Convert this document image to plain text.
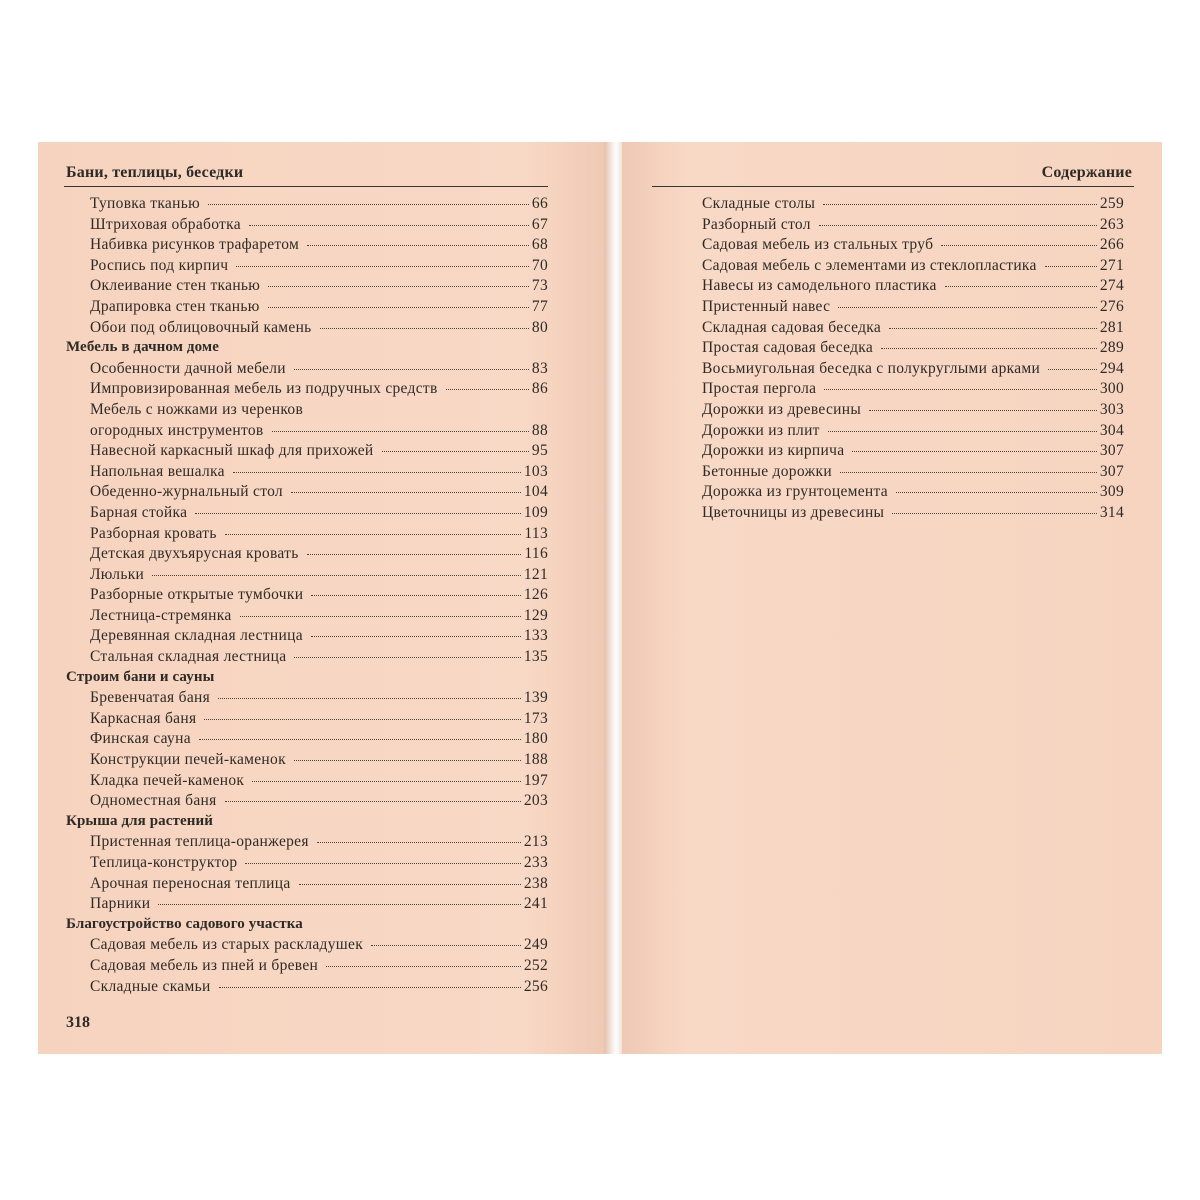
Бани, теплицы, беседки
Туповка тканью	66
Штриховая обработка	67
Набивка рисунков трафаретом	68
Роспись под кирпич	70
Оклеивание стен тканью	73
Драпировка стен тканью	77
Обои под облицовочный камень	80
Мебель в дачном доме
Особенности дачной мебели	83
Импровизированная мебель из подручных средств	86
Мебель с ножками из черенков
огородных инструментов	88
Навесной каркасный шкаф для прихожей	95
Напольная вешалка	103
Обеденно-журнальный стол	104
Барная стойка	109
Разборная кровать	113
Детская двухъярусная кровать	116
Люльки	121
Разборные открытые тумбочки	126
Лестница-стремянка	129
Деревянная складная лестница	133
Стальная складная лестница	135
Строим бани и сауны
Бревенчатая баня	139
Каркасная баня	173
Финская сауна	180
Конструкции печей-каменок	188
Кладка печей-каменок	197
Одноместная баня	203
Крыша для растений
Пристенная теплица-оранжерея	213
Теплица-конструктор	233
Арочная переносная теплица	238
Парники	241
Благоустройство садового участка
Садовая мебель из старых раскладушек	249
Садовая мебель из пней и бревен	252
Складные скамьи	256
318
Содержание
Складные столы	259
Разборный стол	263
Садовая мебель из стальных труб	266
Садовая мебель с элементами из стеклопластика	271
Навесы из самодельного пластика	274
Пристенный навес	276
Складная садовая беседка	281
Простая садовая беседка	289
Восьмиугольная беседка с полукруглыми арками	294
Простая пергола	300
Дорожки из древесины	303
Дорожки из плит	304
Дорожки из кирпича	307
Бетонные дорожки	307
Дорожка из грунтоцемента	309
Цветочницы из древесины	314
